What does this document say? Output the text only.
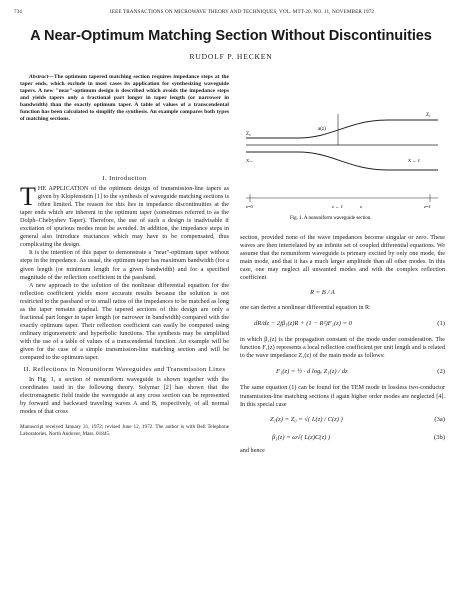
734	IEEE TRANSACTIONS ON MICROWAVE THEORY AND TECHNIQUES, VOL. MTT-20, NO. 11, NOVEMBER 1972
A Near-Optimum Matching Section Without Discontinuities
RUDOLF P. HECKEN

Abstract—The optimum tapered matching section requires impedance steps at the taper ends, which exclude in most cases its application for synthesizing waveguide tapers. A new "near"-optimum design is described which avoids the impedance steps and yields tapers only a fractional part longer in taper length (or narrower in bandwidth) than the exactly optimum taper. A table of values of a transcendental function has been calculated to simplify the synthesis. An example compares both types of matching sections.

I. Introduction
T HE APPLICATION of the optimum design of transmission-line tapers as given by Klopfenstein [1] to the synthesis of waveguide matching sections is often limited. The reason for this lies in impedance discontinuities at the taper ends which are inherent in the optimum taper (sometimes referred to as the Dolph–Chebyshev Taper). Therefore, the use of such a design is inadvisable if excitation of spurious modes must be avoided. In addition, the impedance steps in general also introduce reactances which may have to be compensated, thus complicating the design.

It is the intention of this paper to demonstrate a "near"-optimum taper without steps in the impedance. As usual, the optimum taper has maximum bandwidth (for a given length (or minimum length for a given bandwidth) and for a specified magnitude of the reflection coefficient in the passband.

A new approach to the solution of the nonlinear differential equation for the reflection coefficient yields more accurate results because the solution is not restricted to the passband or to small ratios of the impedances to be matched as long as the taper remains gradual. The tapered sections of this design are only a fractional part longer in taper length (or narrower in bandwidth) compared with the exactly optimum taper. Their reflection coefficient can easily be computed using ordinary trigonometric and hyperbolic functions. The synthesis may be simplified with the use of a table of values of a transcendental function. An example will be given for the case of a simple transmission-line matching section and will be compared to the optimum taper.

II. Reflections in Nonuniform Waveguides and Transmission Lines

In Fig. 1, a section of nonuniform waveguide is shown together with the coordinates used in the following theory. Solymar [2] has shown that the electromagnetic field inside the waveguide at any cross section can be represented by forward and backward traveling waves A and B, respectively, of all normal modes of that cross

Manuscript received January 31, 1972; revised June 12, 1972. The author is with Bell Telephone Laboratories, North Andover, Mass. 01845.
a(z)
Z₀
Z₁
X←	X ← ℓ
z=0	z ← ℓ	z	z=ℓ
Fig. 1. A nonuniform waveguide section.

section, provided none of the wave impedances become singular or zero. These waves are then interrelated by an infinite set of coupled differential equations. We assume that the nonuniform waveguide is primary excited by only one mode, the main mode, and that it has a much larger amplitude than all other modes. In this case, one may neglect all unwanted modes and with the complex reflection coefficient

R = B / A

one can derive a nonlinear differential equation in R:

dR/dz − 2jβ₁(z)R + (1 − R²)F₁(z) = 0	(1)

in which β₁(z) is the propagation constant of the mode under consideration. The function F₁(z) represents a local reflection coefficient per unit length and is related to the wave impedance Z₁(z) of the main mode as follows:

F₁(z) = ½ · d logₑ Z₁(z) / dz	(2)

The same equation (1) can be found for the TEM mode in lossless two-conductor transmission-line matching sections if again higher order modes are neglected [4]. In this special case

Z₁(z) = Z₀ = √( L(z) / C(z) )	(3a)
β₁(z) = ω√( L(z)C(z) )	(3b)

and hence
